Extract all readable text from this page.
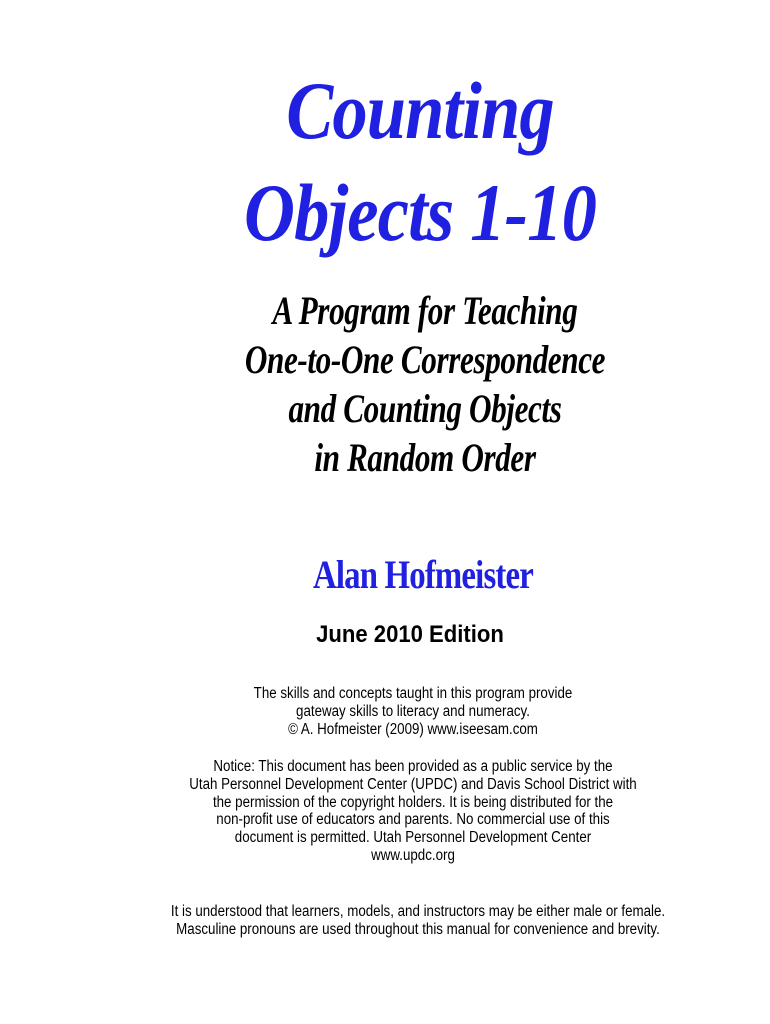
Counting
Objects 1-10
A Program for Teaching
One-to-One Correspondence
and Counting Objects
in Random Order
Alan Hofmeister
June 2010 Edition
The skills and concepts taught in this program provide
gateway skills to literacy and numeracy.
© A. Hofmeister (2009) www.iseesam.com
Notice: This document has been provided as a public service by the
Utah Personnel Development Center (UPDC) and Davis School District with
the permission of the copyright holders. It is being distributed for the
non-profit use of educators and parents. No commercial use of this
document is permitted. Utah Personnel Development Center
www.updc.org
It is understood that learners, models, and instructors may be either male or female.
Masculine pronouns are used throughout this manual for convenience and brevity.
